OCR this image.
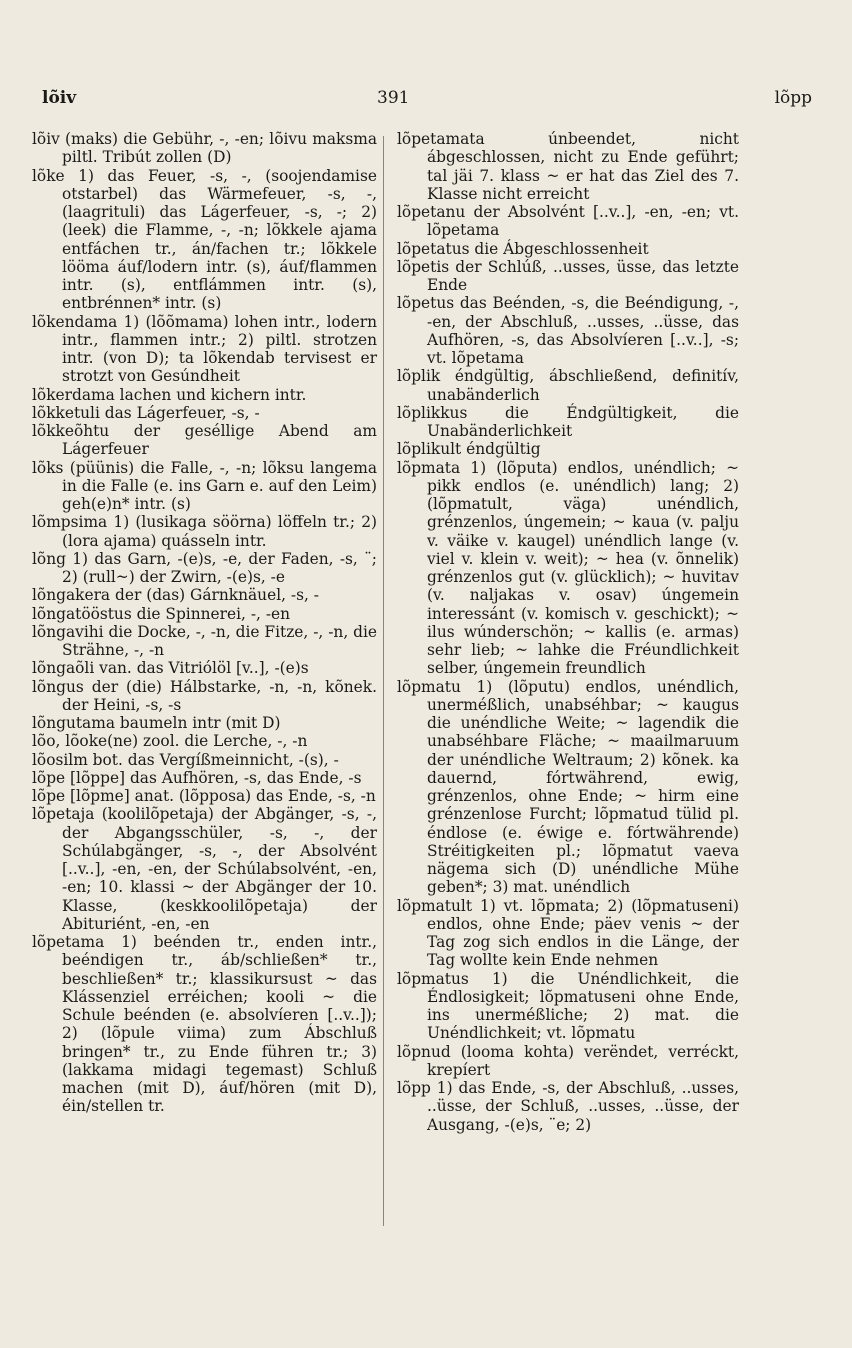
lõiv	391	lõpp

lõiv (maks) die Gebühr, -, -en; lõivu maksma piltl. Tribút zollen (D)

lõke 1) das Feuer, -s, -, (soojendamise otstarbel) das Wärmefeuer, -s, -, (laagrituli) das Lágerfeuer, -s, -; 2) (leek) die Flamme, -, -n; lõkkele ajama entfáchen tr., án/fachen tr.; lõkkele lööma áuf/lodern intr. (s), áuf/flammen intr. (s), entflámmen intr. (s), entbrénnen* intr. (s)

lõkendama 1) (lõõmama) lohen intr., lodern intr., flammen intr.; 2) piltl. strotzen intr. (von D); ta lõkendab tervisest er strotzt von Gesúndheit

lõkerdama lachen und kichern intr.

lõkketuli das Lágerfeuer, -s, -

lõkkeõhtu der geséllige Abend am Lágerfeuer

lõks (püünis) die Falle, -, -n; lõksu langema in die Falle (e. ins Garn e. auf den Leim) geh(e)n* intr. (s)

lõmpsima 1) (lusikaga söörna) löffeln tr.; 2) (lora ajama) quásseln intr.

lõng 1) das Garn, -(e)s, -e, der Faden, -s, ¨; 2) (rull~) der Zwirn, -(e)s, -e

lõngakera der (das) Gárnknäuel, -s, -

lõngatööstus die Spinnerei, -, -en

lõngavihi die Docke, -, -n, die Fitze, -, -n, die Strähne, -, -n

lõngaõli van. das Vitriólöl [v..], -(e)s

lõngus der (die) Hálbstarke, -n, -n, kõnek. der Heini, -s, -s

lõngutama baumeln intr (mit D)

lõo, lõoke(ne) zool. die Lerche, -, -n

lõosilm bot. das Vergíßmeinnicht, -(s), -

lõpe [lõppe] das Aufhören, -s, das Ende, -s

lõpe [lõpme] anat. (lõpposa) das Ende, -s, -n

lõpetaja (koolilõpetaja) der Abgänger, -s, -, der Abgangsschüler, -s, -, der Schúlabgänger, -s, -, der Absolvént [..v..], -en, -en, der Schúlabsolvént, -en, -en; 10. klassi ~ der Abgänger der 10. Klasse, (keskkoolilõpetaja) der Abituriént, -en, -en

lõpetama 1) beénden tr., enden intr., beéndigen tr., áb/schließen* tr., beschließen* tr.; klassikursust ~ das Klássenziel erréichen; kooli ~ die Schule beénden (e. absolvíeren [..v..]); 2) (lõpule viima) zum Ábschluß bringen* tr., zu Ende führen tr.; 3) (lakkama midagi tegemast) Schluß machen (mit D), áuf/hören (mit D), éin/stellen tr.

lõpetamata únbeendet, nicht ábgeschlossen, nicht zu Ende geführt; tal jäi 7. klass ~ er hat das Ziel des 7. Klasse nicht erreicht

lõpetanu der Absolvént [..v..], -en, -en; vt. lõpetama

lõpetatus die Ábgeschlossenheit

lõpetis der Schlúß, ..usses, üsse, das letzte Ende

lõpetus das Beénden, -s, die Beéndigung, -, -en, der Abschluß, ..usses, ..üsse, das Aufhören, -s, das Absolvíeren [..v..], -s; vt. lõpetama

lõplik éndgültig, ábschließend, definitív, unabänderlich

lõplikkus die Éndgültigkeit, die Unabänderlichkeit

lõplikult éndgültig

lõpmata 1) (lõputa) endlos, unéndlich; ~ pikk endlos (e. unéndlich) lang; 2) (lõpmatult, väga) unéndlich, grénzenlos, úngemein; ~ kaua (v. palju v. väike v. kaugel) unéndlich lange (v. viel v. klein v. weit); ~ hea (v. õnnelik) grénzenlos gut (v. glücklich); ~ huvitav (v. naljakas v. osav) úngemein interessánt (v. komisch v. geschickt); ~ ilus wúnderschön; ~ kallis (e. armas) sehr lieb; ~ lahke die Fréundlichkeit selber, úngemein freundlich

lõpmatu 1) (lõputu) endlos, unéndlich, unerméßlich, unabséhbar; ~ kaugus die unéndliche Weite; ~ lagendik die unabséhbare Fläche; ~ maailmaruum der unéndliche Weltraum; 2) kõnek. ka dauernd, fórtwährend, ewig, grénzenlos, ohne Ende; ~ hirm eine grénzenlose Furcht; lõpmatud tülid pl. éndlose (e. éwige e. fórtwährende) Stréitigkeiten pl.; lõpmatut vaeva nägema sich (D) unéndliche Mühe geben*; 3) mat. unéndlich

lõpmatult 1) vt. lõpmata; 2) (lõpmatuseni) endlos, ohne Ende; päev venis ~ der Tag zog sich endlos in die Länge, der Tag wollte kein Ende nehmen

lõpmatus 1) die Unéndlichkeit, die Éndlosigkeit; lõpmatuseni ohne Ende, ins unerméßliche; 2) mat. die Unéndlichkeit; vt. lõpmatu

lõpnud (looma kohta) verëndet, verréckt, krepíert

lõpp 1) das Ende, -s, der Abschluß, ..usses, ..üsse, der Schluß, ..usses, ..üsse, der Ausgang, -(e)s, ¨e; 2)
